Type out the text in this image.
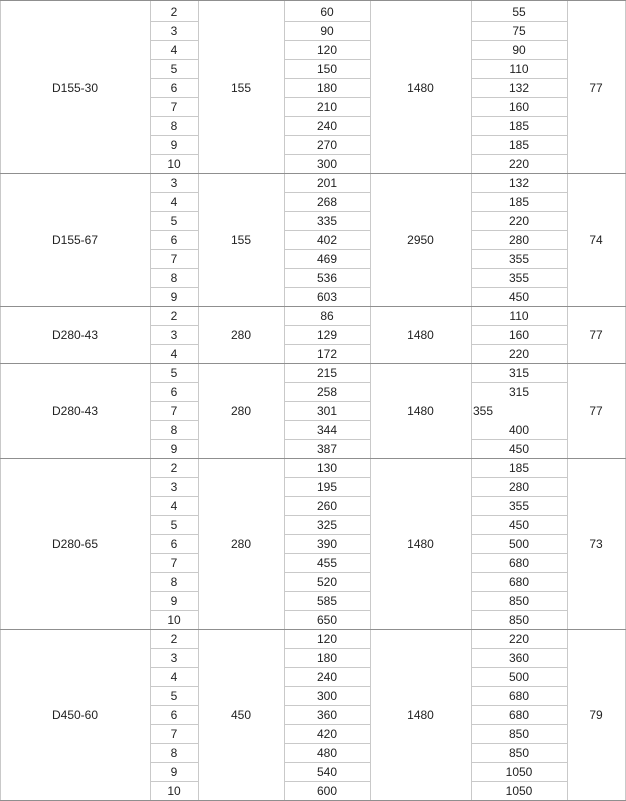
D155-30	155	1480	77
2	60	55
3	90	75
4	120	90
5	150	110
6	180	132
7	210	160
8	240	185
9	270	185
10	300	220
D155-67	155	2950	74
3	201	132
4	268	185
5	335	220
6	402	280
7	469	355
8	536	355
9	603	450
D280-43	280	1480	77
2	86	110
3	129	160
4	172	220
D280-43	280	1480	77
5	215	315
6	258	315
7	301	355
8	344	400
9	387	450
D280-65	280	1480	73
2	130	185
3	195	280
4	260	355
5	325	450
6	390	500
7	455	680
8	520	680
9	585	850
10	650	850
D450-60	450	1480	79
2	120	220
3	180	360
4	240	500
5	300	680
6	360	680
7	420	850
8	480	850
9	540	1050
10	600	1050
